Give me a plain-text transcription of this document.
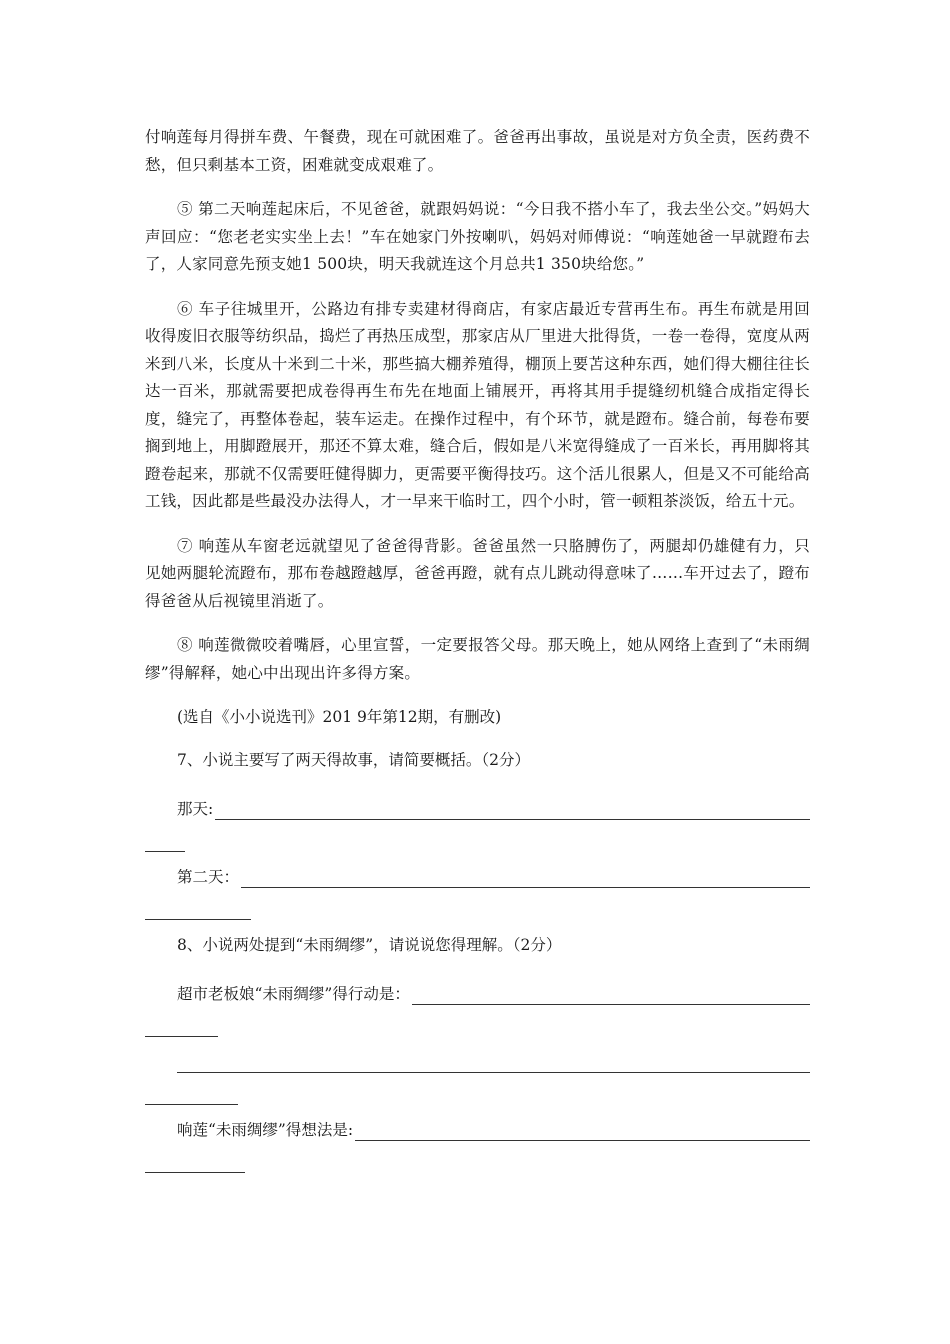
付响莲每月得拼车费、午餐费，现在可就困难了。爸爸再出事故，虽说是对方负全责，医药费不愁，但只剩基本工资，困难就变成艰难了。

⑤ 第二天响莲起床后，不见爸爸，就跟妈妈说：“今日我不搭小车了，我去坐公交。”妈妈大声回应：“您老老实实坐上去！”车在她家门外按喇叭，妈妈对师傅说：“响莲她爸一早就蹬布去了，人家同意先预支她1 500块，明天我就连这个月总共1 350块给您。”

⑥ 车子往城里开，公路边有排专卖建材得商店，有家店最近专营再生布。再生布就是用回收得废旧衣服等纺织品，捣烂了再热压成型，那家店从厂里进大批得货，一卷一卷得，宽度从两米到八米，长度从十米到二十米，那些搞大棚养殖得，棚顶上要苫这种东西，她们得大棚往往长达一百米，那就需要把成卷得再生布先在地面上铺展开，再将其用手提缝纫机缝合成指定得长度，缝完了，再整体卷起，装车运走。在操作过程中，有个环节，就是蹬布。缝合前，每卷布要搁到地上，用脚蹬展开，那还不算太难，缝合后，假如是八米宽得缝成了一百米长，再用脚将其蹬卷起来，那就不仅需要旺健得脚力，更需要平衡得技巧。这个活儿很累人，但是又不可能给高工钱，因此都是些最没办法得人，才一早来干临时工，四个小时，管一顿粗茶淡饭，给五十元。

⑦ 响莲从车窗老远就望见了爸爸得背影。爸爸虽然一只胳膊伤了，两腿却仍雄健有力，只见她两腿轮流蹬布，那布卷越蹬越厚，爸爸再蹬，就有点儿跳动得意味了……车开过去了，蹬布得爸爸从后视镜里消逝了。

⑧ 响莲微微咬着嘴唇，心里宣誓，一定要报答父母。那天晚上，她从网络上查到了“未雨绸缪”得解释，她心中出现出许多得方案。

(选自《小小说选刊》201 9年第12期，有删改)
7、小说主要写了两天得故事，请简要概括。（2分）
那天:
第二天：
8、小说两处提到“未雨绸缪”，请说说您得理解。（2分）
超市老板娘“未雨绸缪”得行动是：
响莲“未雨绸缪”得想法是:
